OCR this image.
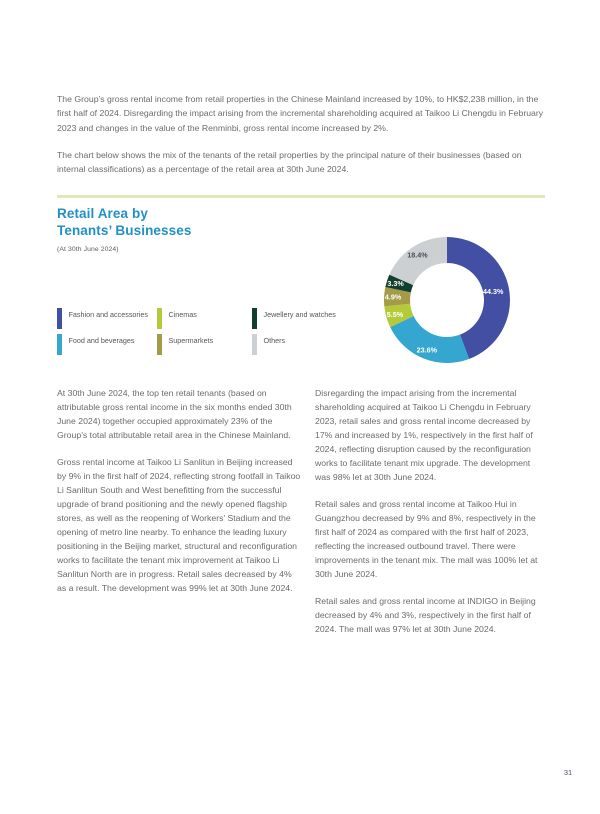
The Group’s gross rental income from retail properties in the Chinese Mainland increased by 10%, to HK$2,238 million, in the first half of 2024. Disregarding the impact arising from the incremental shareholding acquired at Taikoo Li Chengdu in February 2023 and changes in the value of the Renminbi, gross rental income increased by 2%.

The chart below shows the mix of the tenants of the retail properties by the principal nature of their businesses (based on internal classifications) as a percentage of the retail area at 30th June 2024.

Retail Area by
Tenants’ Businesses
(At 30th June 2024)
44.3%
23.6%
5.5%
4.9%
3.3%
18.4%
Fashion and accessories
Food and beverages
Cinemas
Supermarkets
Jewellery and watches
Others

At 30th June 2024, the top ten retail tenants (based on attributable gross rental income in the six months ended 30th June 2024) together occupied approximately 23% of the Group’s total attributable retail area in the Chinese Mainland.

Gross rental income at Taikoo Li Sanlitun in Beijing increased by 9% in the first half of 2024, reflecting strong footfall in Taikoo Li Sanlitun South and West benefitting from the successful upgrade of brand positioning and the newly opened flagship stores, as well as the reopening of Workers’ Stadium and the opening of metro line nearby. To enhance the leading luxury positioning in the Beijing market, structural and reconfiguration works to facilitate the tenant mix improvement at Taikoo Li Sanlitun North are in progress. Retail sales decreased by 4% as a result. The development was 99% let at 30th June 2024.

Disregarding the impact arising from the incremental shareholding acquired at Taikoo Li Chengdu in February 2023, retail sales and gross rental income decreased by 17% and increased by 1%, respectively in the first half of 2024, reflecting disruption caused by the reconfiguration works to facilitate tenant mix upgrade. The development was 98% let at 30th June 2024.

Retail sales and gross rental income at Taikoo Hui in Guangzhou decreased by 9% and 8%, respectively in the first half of 2024 as compared with the first half of 2023, reflecting the increased outbound travel. There were improvements in the tenant mix. The mall was 100% let at 30th June 2024.

Retail sales and gross rental income at INDIGO in Beijing decreased by 4% and 3%, respectively in the first half of 2024. The mall was 97% let at 30th June 2024.

31
